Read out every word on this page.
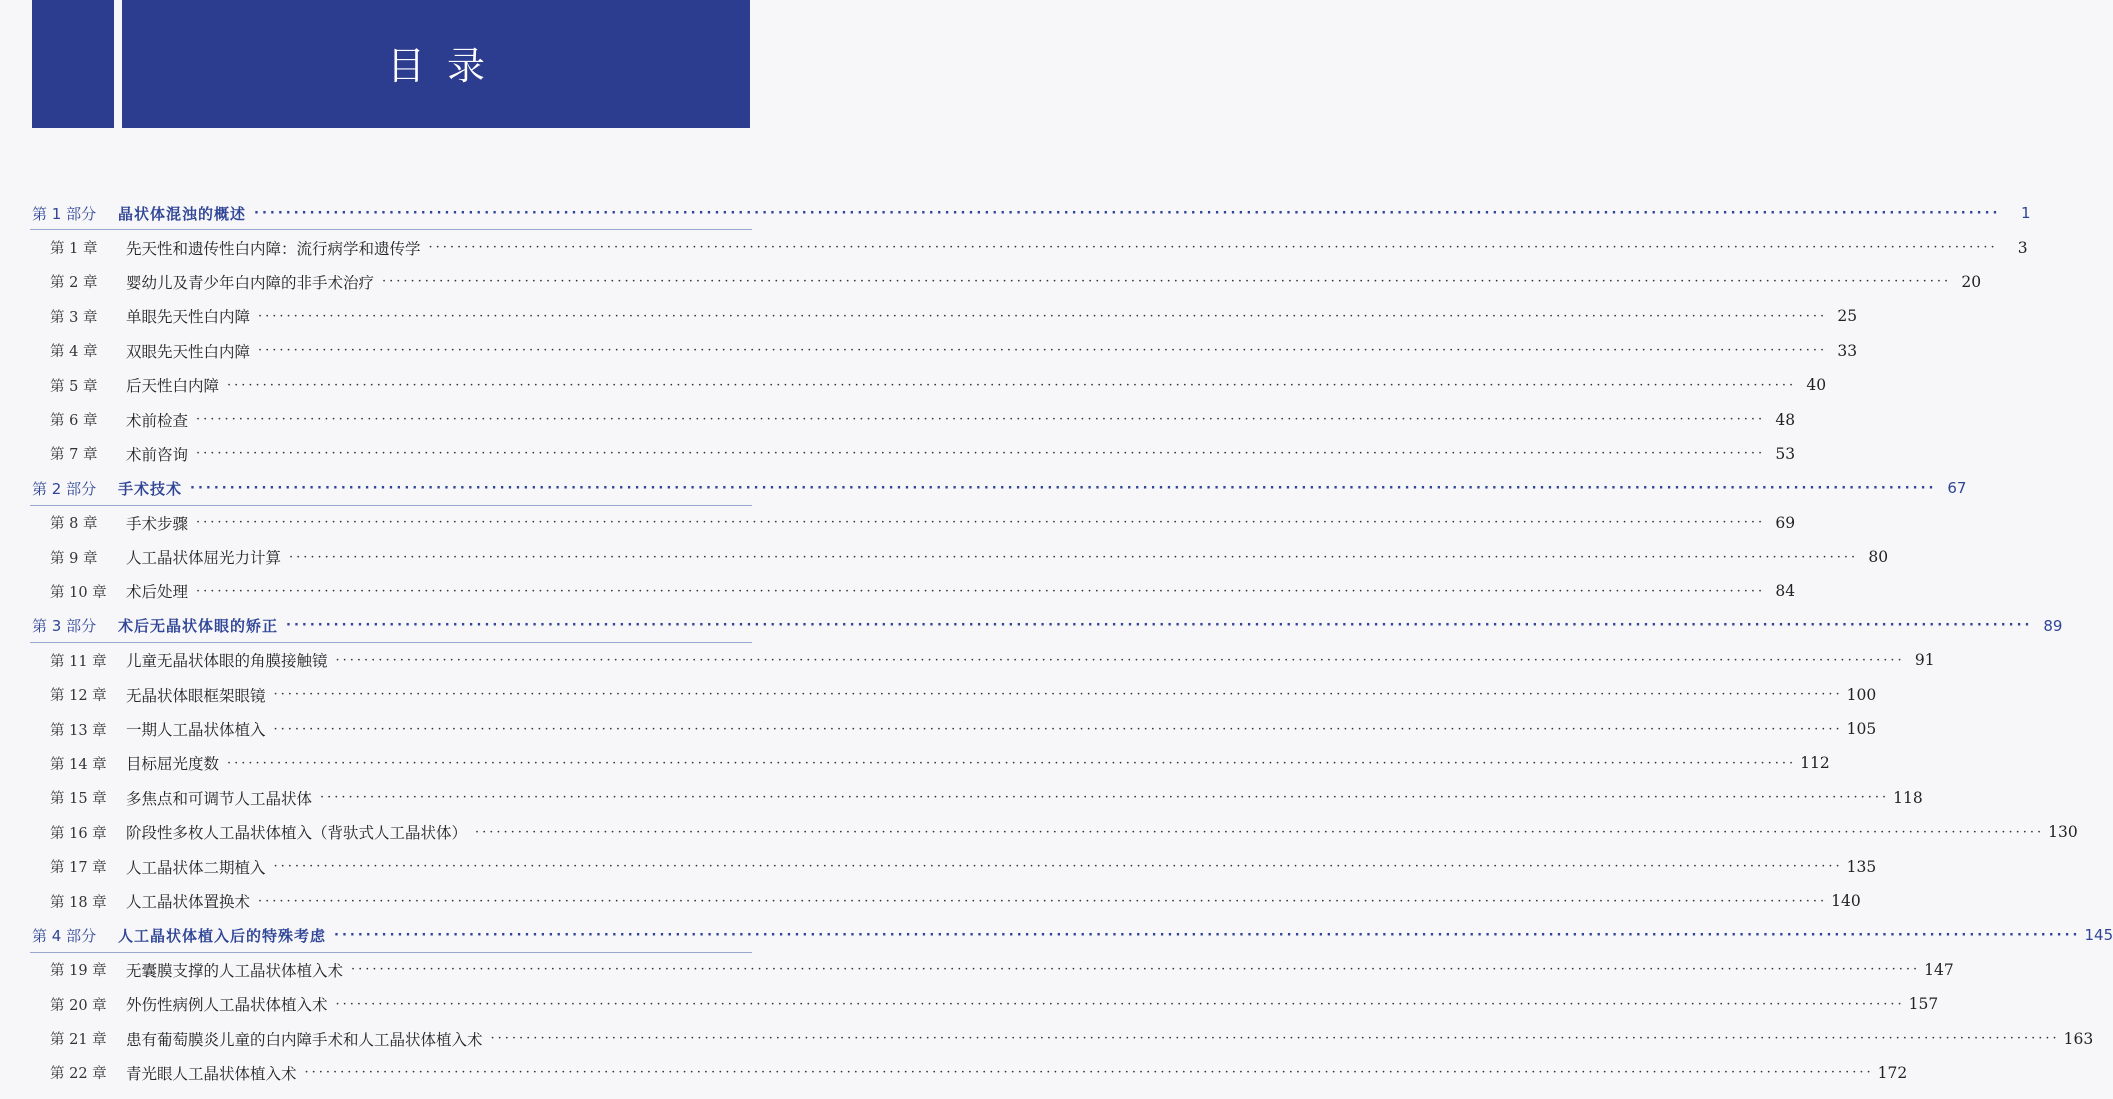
目录
第 1 部分	晶状体混浊的概述 ····························································································································································································································	1
第 1 章	先天性和遗传性白内障：流行病学和遗传学 ····························································································································································································································	3
第 2 章	婴幼儿及青少年白内障的非手术治疗 ···························································································································································································································· 20
第 3 章	单眼先天性白内障 ···························································································································································································································· 25
第 4 章	双眼先天性白内障 ···························································································································································································································· 33
第 5 章	后天性白内障 ···························································································································································································································· 40
第 6 章	术前检查 ···························································································································································································································· 48
第 7 章	术前咨询 ···························································································································································································································· 53
第 2 部分	手术技术 ···························································································································································································································· 67
第 8 章	手术步骤 ···························································································································································································································· 69
第 9 章	人工晶状体屈光力计算 ···························································································································································································································· 80
第 10 章	术后处理 ···························································································································································································································· 84
第 3 部分	术后无晶状体眼的矫正 ···························································································································································································································· 89
第 11 章	儿童无晶状体眼的角膜接触镜 ···························································································································································································································· 91
第 12 章	无晶状体眼框架眼镜 ···························································································································································································································· 100
第 13 章	一期人工晶状体植入 ···························································································································································································································· 105
第 14 章	目标屈光度数 ···························································································································································································································· 112
第 15 章	多焦点和可调节人工晶状体 ···························································································································································································································· 118
第 16 章	阶段性多枚人工晶状体植入（背驮式人工晶状体） ···························································································································································································································· 130
第 17 章	人工晶状体二期植入 ···························································································································································································································· 135
第 18 章	人工晶状体置换术 ···························································································································································································································· 140
第 4 部分	人工晶状体植入后的特殊考虑 ···························································································································································································································· 145
第 19 章	无囊膜支撑的人工晶状体植入术 ···························································································································································································································· 147
第 20 章	外伤性病例人工晶状体植入术 ···························································································································································································································· 157
第 21 章	患有葡萄膜炎儿童的白内障手术和人工晶状体植入术 ···························································································································································································································· 163
第 22 章	青光眼人工晶状体植入术 ···························································································································································································································· 172
